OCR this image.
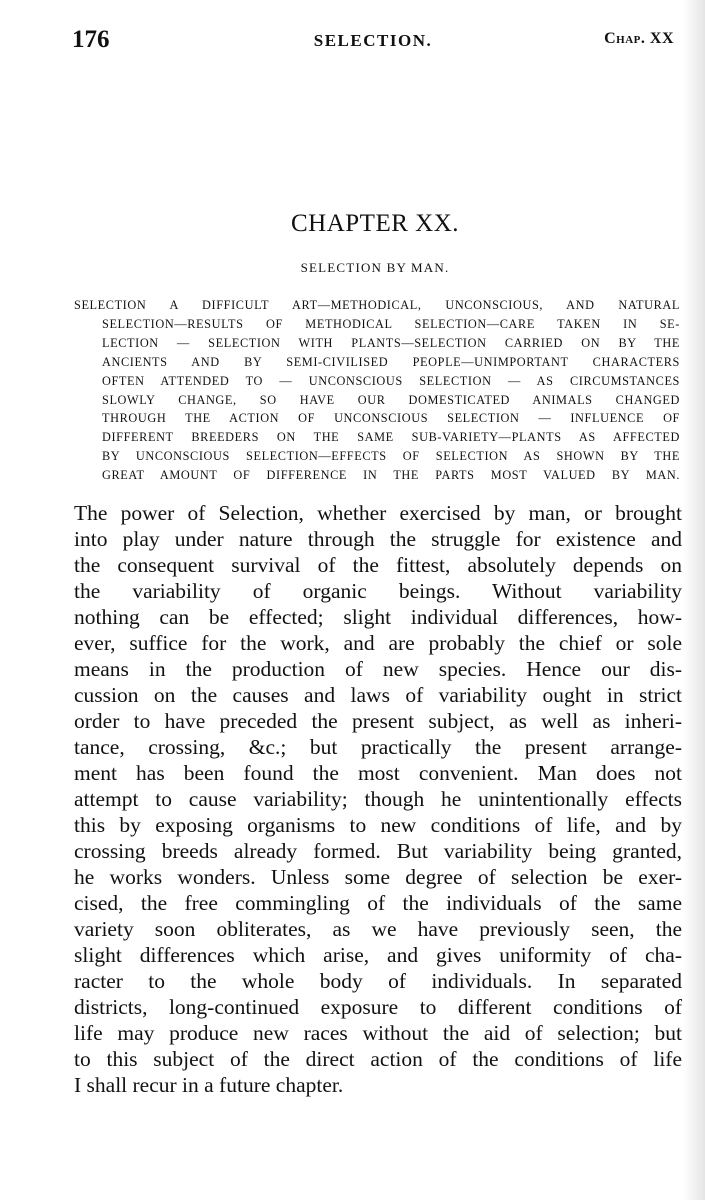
176	SELECTION.	Chap. XX
CHAPTER XX.
SELECTION BY MAN.
SELECTION A DIFFICULT ART—METHODICAL, UNCONSCIOUS, AND NATURAL
SELECTION—RESULTS OF METHODICAL SELECTION—CARE TAKEN IN SE-
LECTION — SELECTION WITH PLANTS—SELECTION CARRIED ON BY THE
ANCIENTS AND BY SEMI-CIVILISED PEOPLE—UNIMPORTANT CHARACTERS
OFTEN ATTENDED TO — UNCONSCIOUS SELECTION — AS CIRCUMSTANCES
SLOWLY CHANGE, SO HAVE OUR DOMESTICATED ANIMALS CHANGED
THROUGH THE ACTION OF UNCONSCIOUS SELECTION — INFLUENCE OF
DIFFERENT BREEDERS ON THE SAME SUB-VARIETY—PLANTS AS AFFECTED
BY UNCONSCIOUS SELECTION—EFFECTS OF SELECTION AS SHOWN BY THE
GREAT AMOUNT OF DIFFERENCE IN THE PARTS MOST VALUED BY MAN.
The power of Selection, whether exercised by man, or brought
into play under nature through the struggle for existence and
the consequent survival of the fittest, absolutely depends on
the variability of organic beings. Without variability
nothing can be effected; slight individual differences, how-
ever, suffice for the work, and are probably the chief or sole
means in the production of new species. Hence our dis-
cussion on the causes and laws of variability ought in strict
order to have preceded the present subject, as well as inheri-
tance, crossing, &c.; but practically the present arrange-
ment has been found the most convenient. Man does not
attempt to cause variability; though he unintentionally effects
this by exposing organisms to new conditions of life, and by
crossing breeds already formed. But variability being granted,
he works wonders. Unless some degree of selection be exer-
cised, the free commingling of the individuals of the same
variety soon obliterates, as we have previously seen, the
slight differences which arise, and gives uniformity of cha-
racter to the whole body of individuals. In separated
districts, long-continued exposure to different conditions of
life may produce new races without the aid of selection; but
to this subject of the direct action of the conditions of life
I shall recur in a future chapter.
